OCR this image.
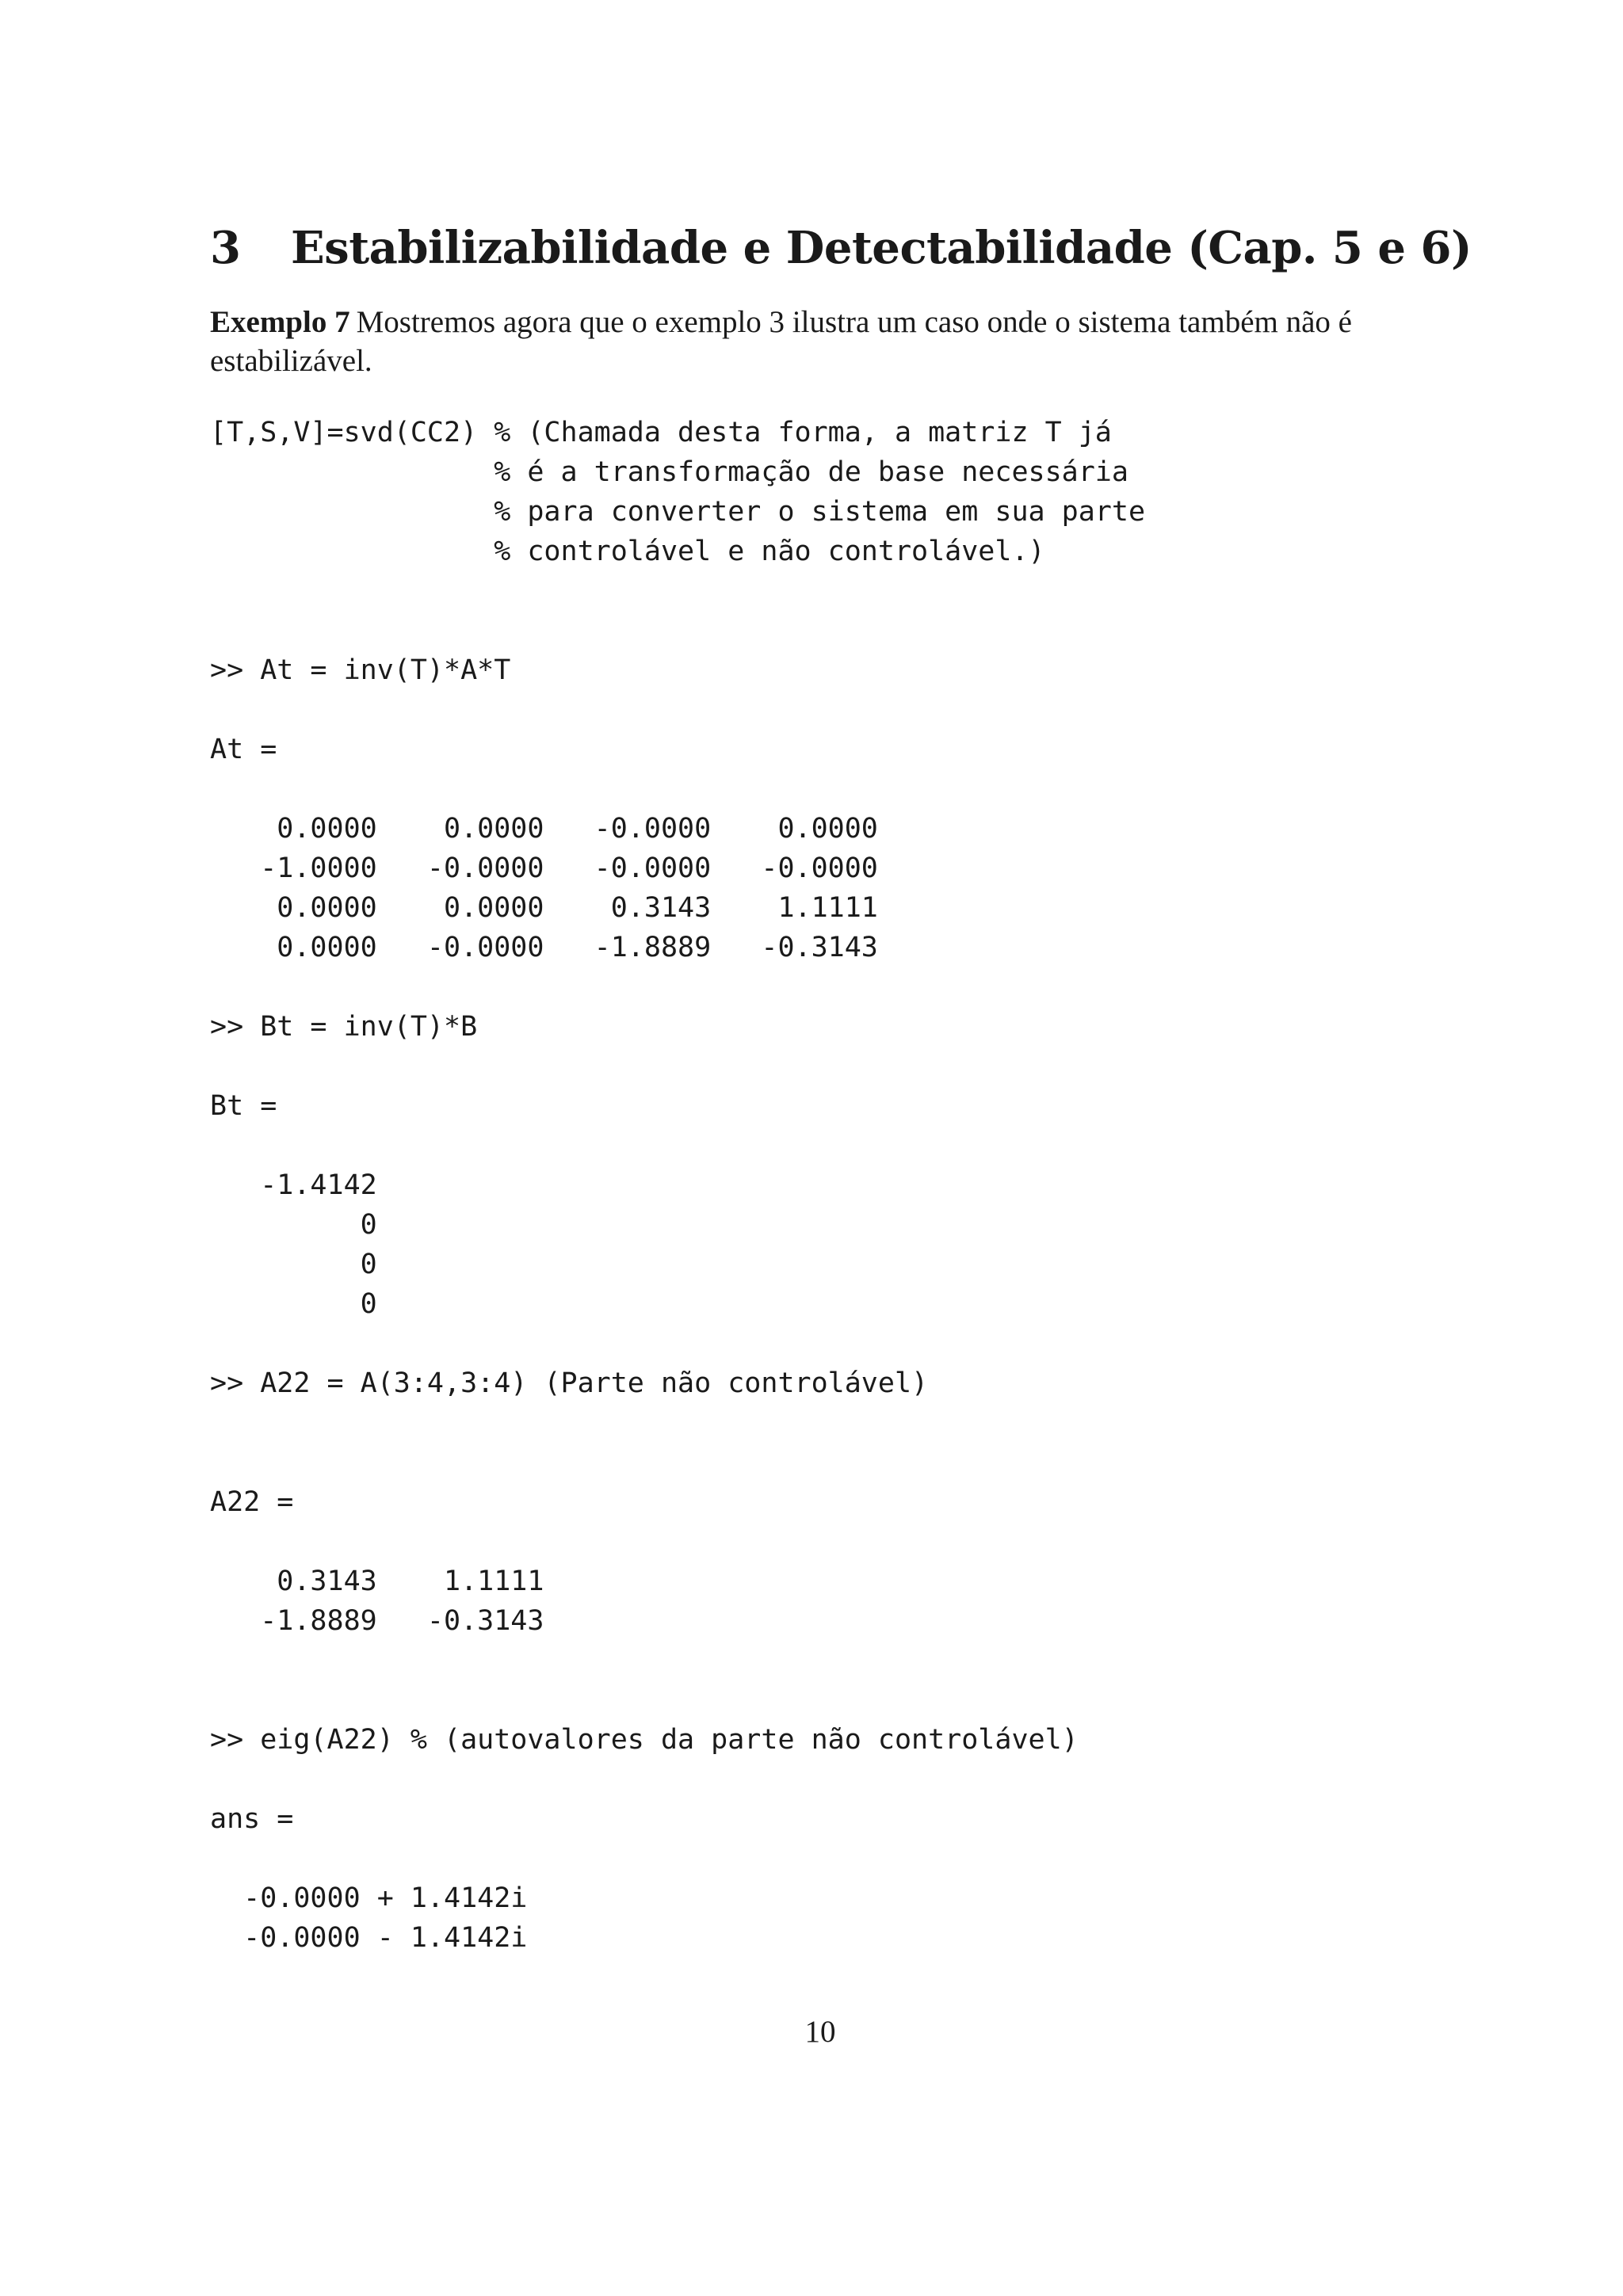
3 Estabilizabilidade e Detectabilidade (Cap. 5 e 6)

Exemplo 7 Mostremos agora que o exemplo 3 ilustra um caso onde o sistema também não é estabilizável.

[T,S,V]=svd(CC2) % (Chamada desta forma, a matriz T já
% é a transformação de base necessária
% para converter o sistema em sua parte
% controlável e não controlável.)
>> At = inv(T)*A*T
At =
0.0000    0.0000   -0.0000    0.0000
-1.0000   -0.0000   -0.0000   -0.0000
0.0000    0.0000    0.3143    1.1111
0.0000   -0.0000   -1.8889   -0.3143
>> Bt = inv(T)*B
Bt =
-1.4142
0
0
0
>> A22 = A(3:4,3:4) (Parte não controlável)
A22 =
0.3143    1.1111
-1.8889   -0.3143
>> eig(A22) % (autovalores da parte não controlável)
ans =
-0.0000 + 1.4142i
-0.0000 - 1.4142i
10
